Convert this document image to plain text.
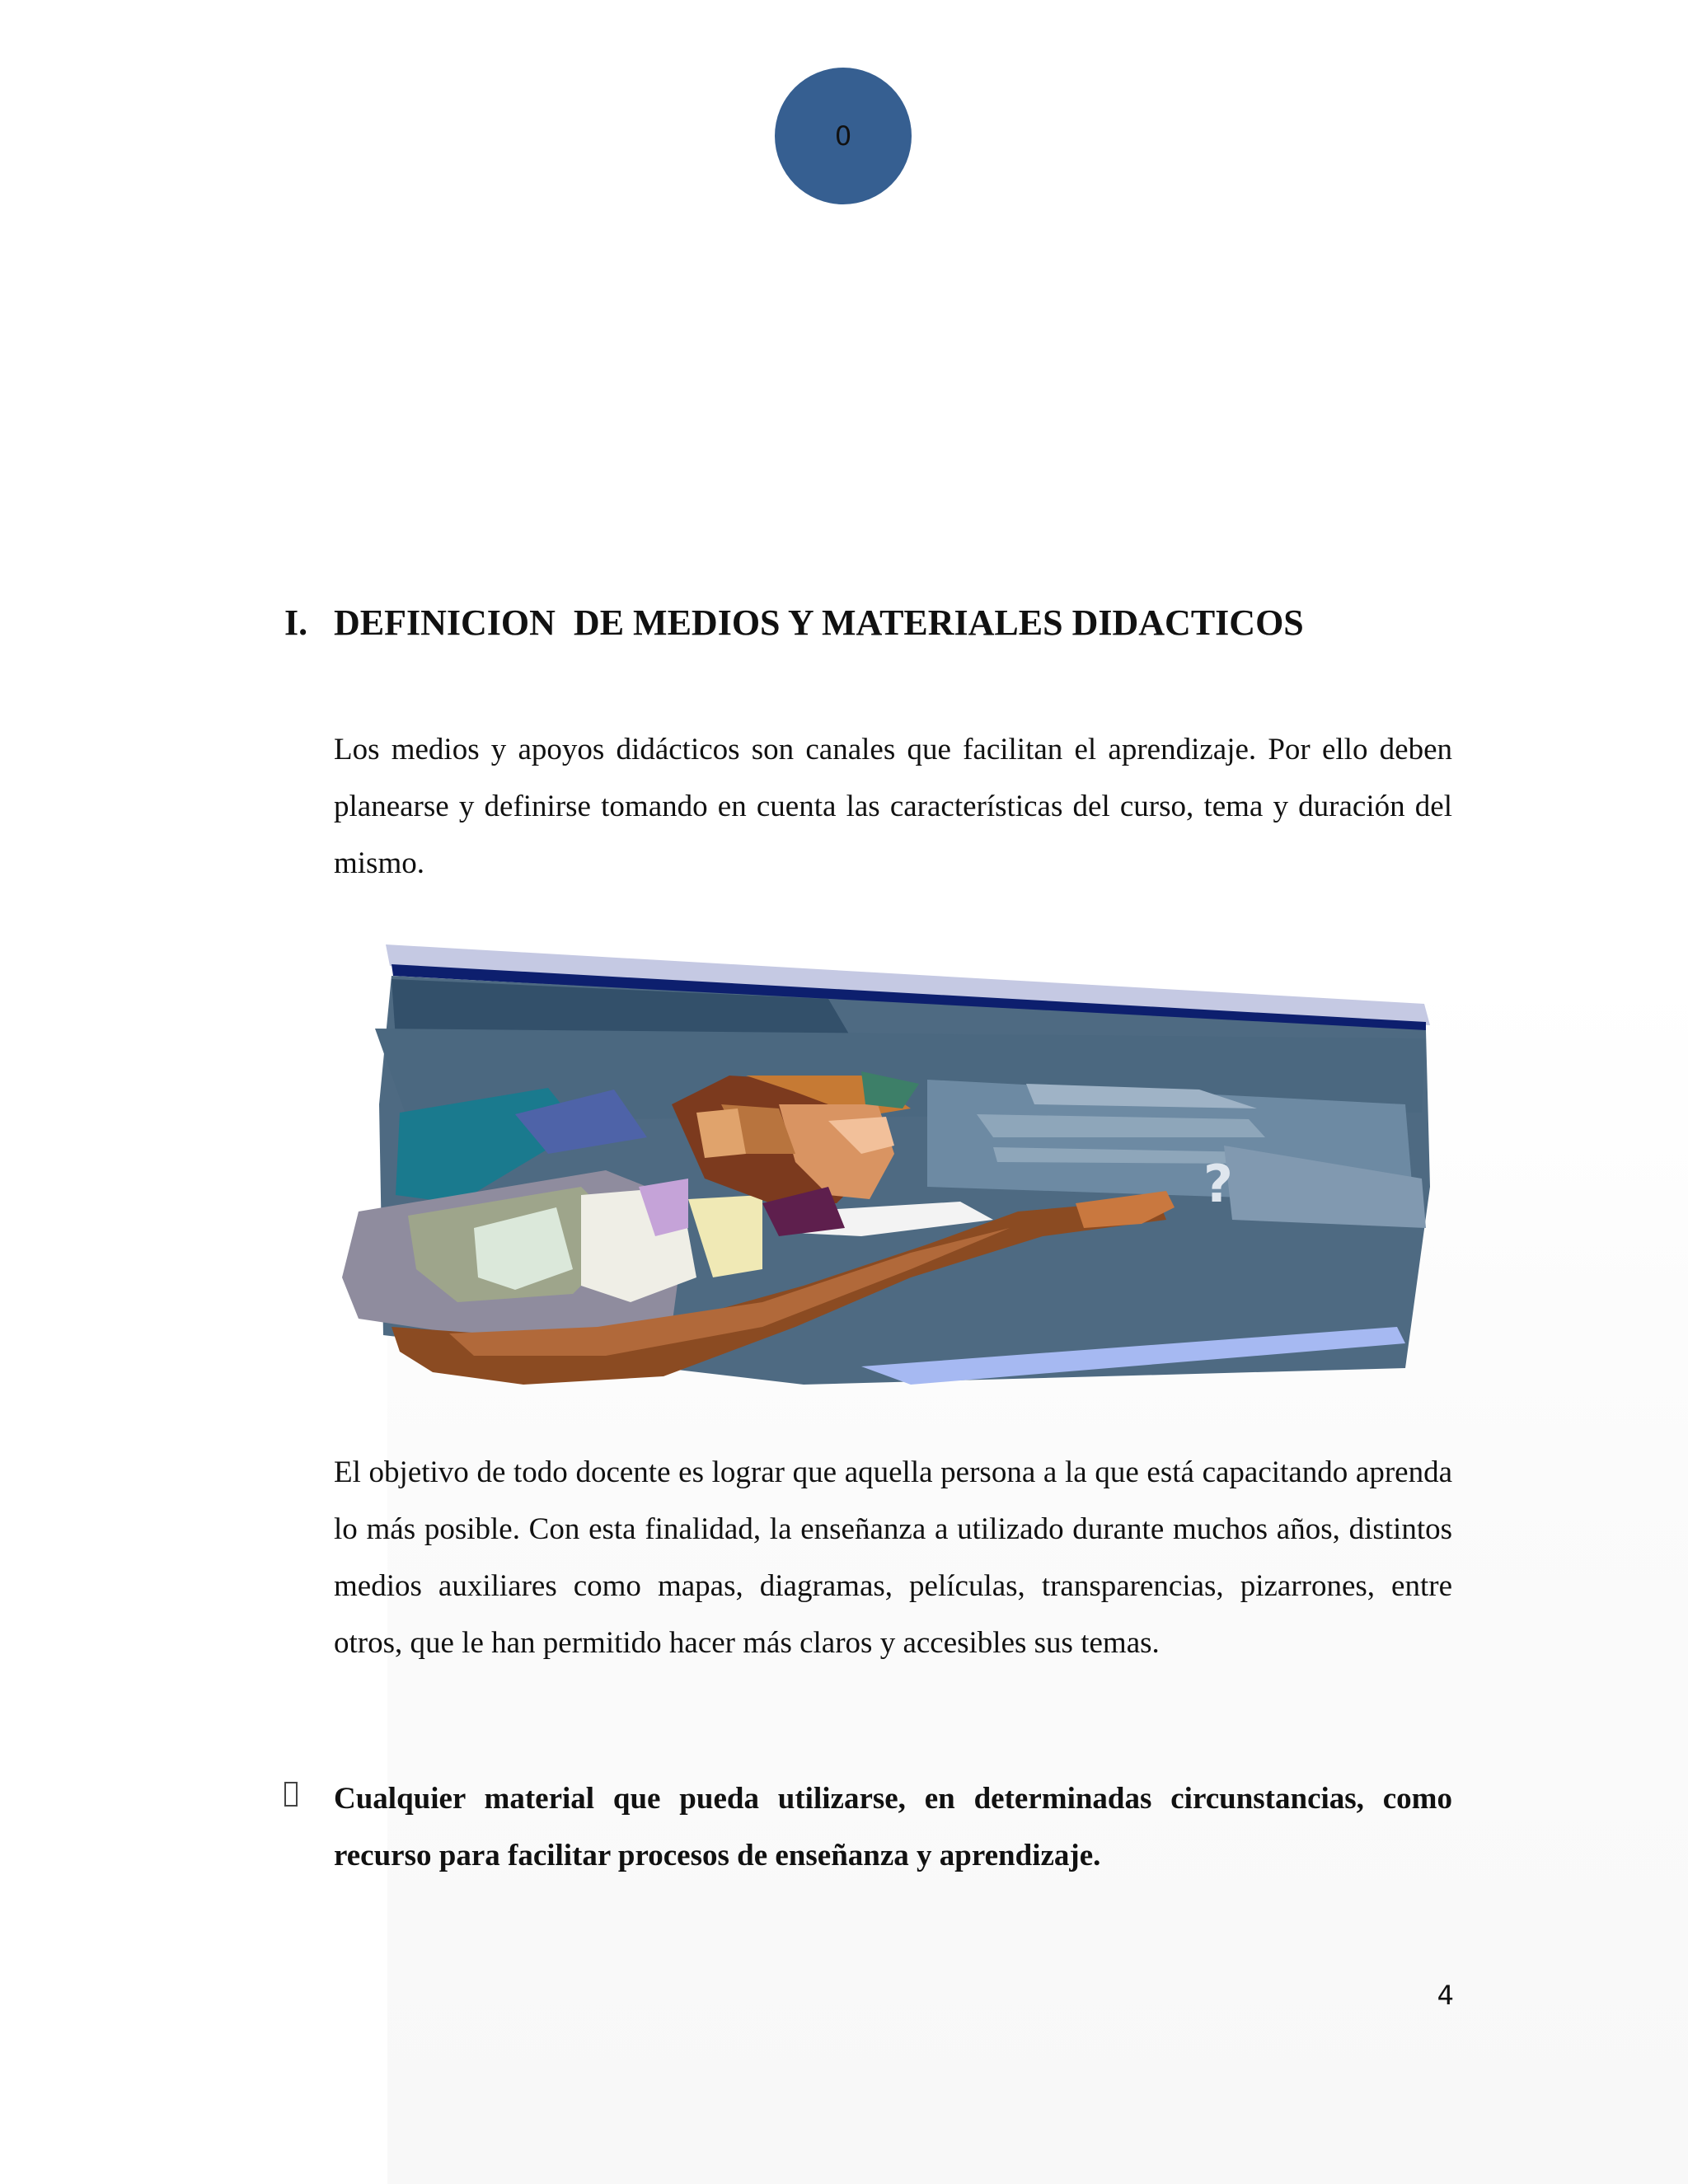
0
I. DEFINICION  DE MEDIOS Y MATERIALES DIDACTICOS
Los medios y apoyos didácticos son canales que facilitan el aprendizaje. Por ello deben planearse y definirse tomando en cuenta las características del curso, tema y duración del mismo.
?
El objetivo de todo docente es lograr que aquella persona a la que está capacitando aprenda lo más posible. Con esta finalidad, la enseñanza a utilizado durante muchos años, distintos medios auxiliares como mapas, diagramas, películas, transparencias, pizarrones, entre otros, que le han permitido hacer más claros y accesibles sus temas.
Cualquier material que pueda utilizarse, en determinadas circunstancias, como recurso para facilitar procesos de enseñanza y aprendizaje.
4
